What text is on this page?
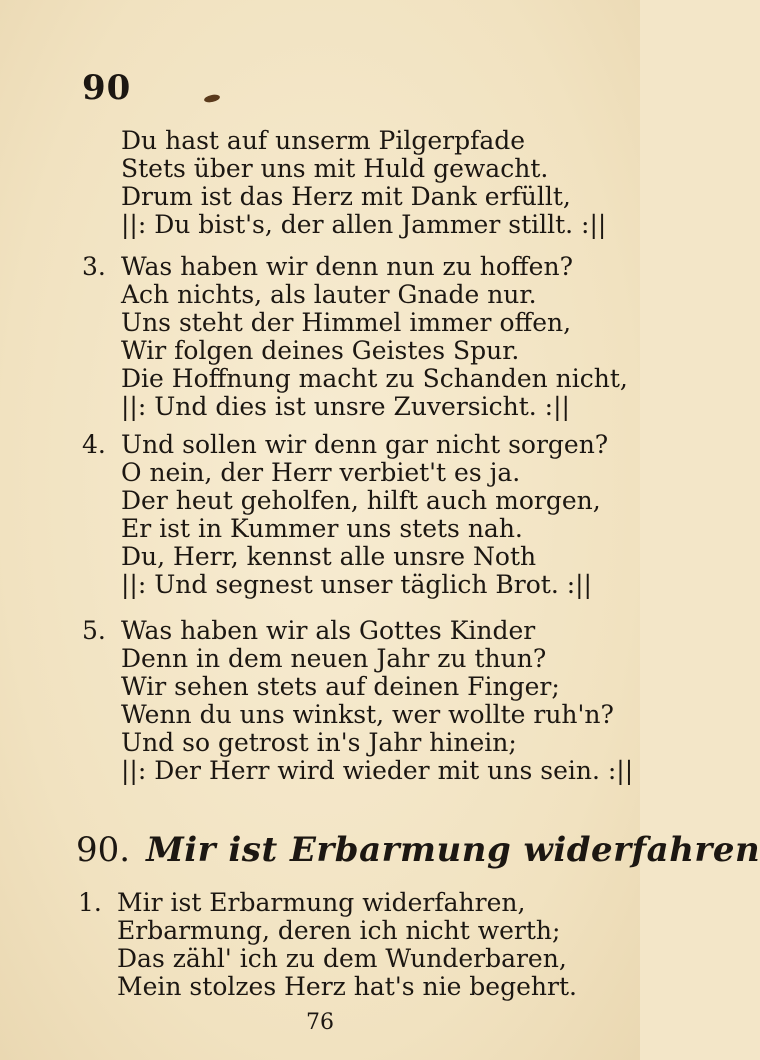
90
Du hast auf unserm Pilgerpfade
Stets über uns mit Huld gewacht.
Drum ist das Herz mit Dank erfüllt,
||: Du bist's, der allen Jammer stillt. :||
3. Was haben wir denn nun zu hoffen?
Ach nichts, als lauter Gnade nur.
Uns steht der Himmel immer offen,
Wir folgen deines Geistes Spur.
Die Hoffnung macht zu Schanden nicht,
||: Und dies ist unsre Zuversicht. :||
4. Und sollen wir denn gar nicht sorgen?
O nein, der Herr verbiet't es ja.
Der heut geholfen, hilft auch morgen,
Er ist in Kummer uns stets nah.
Du, Herr, kennst alle unsre Noth
||: Und segnest unser täglich Brot. :||
5. Was haben wir als Gottes Kinder
Denn in dem neuen Jahr zu thun?
Wir sehen stets auf deinen Finger;
Wenn du uns winkst, wer wollte ruh'n?
Und so getrost in's Jahr hinein;
||: Der Herr wird wieder mit uns sein. :||
90. Mir ist Erbarmung widerfahren
1. Mir ist Erbarmung widerfahren,
Erbarmung, deren ich nicht werth;
Das zähl' ich zu dem Wunderbaren,
Mein stolzes Herz hat's nie begehrt.
76
